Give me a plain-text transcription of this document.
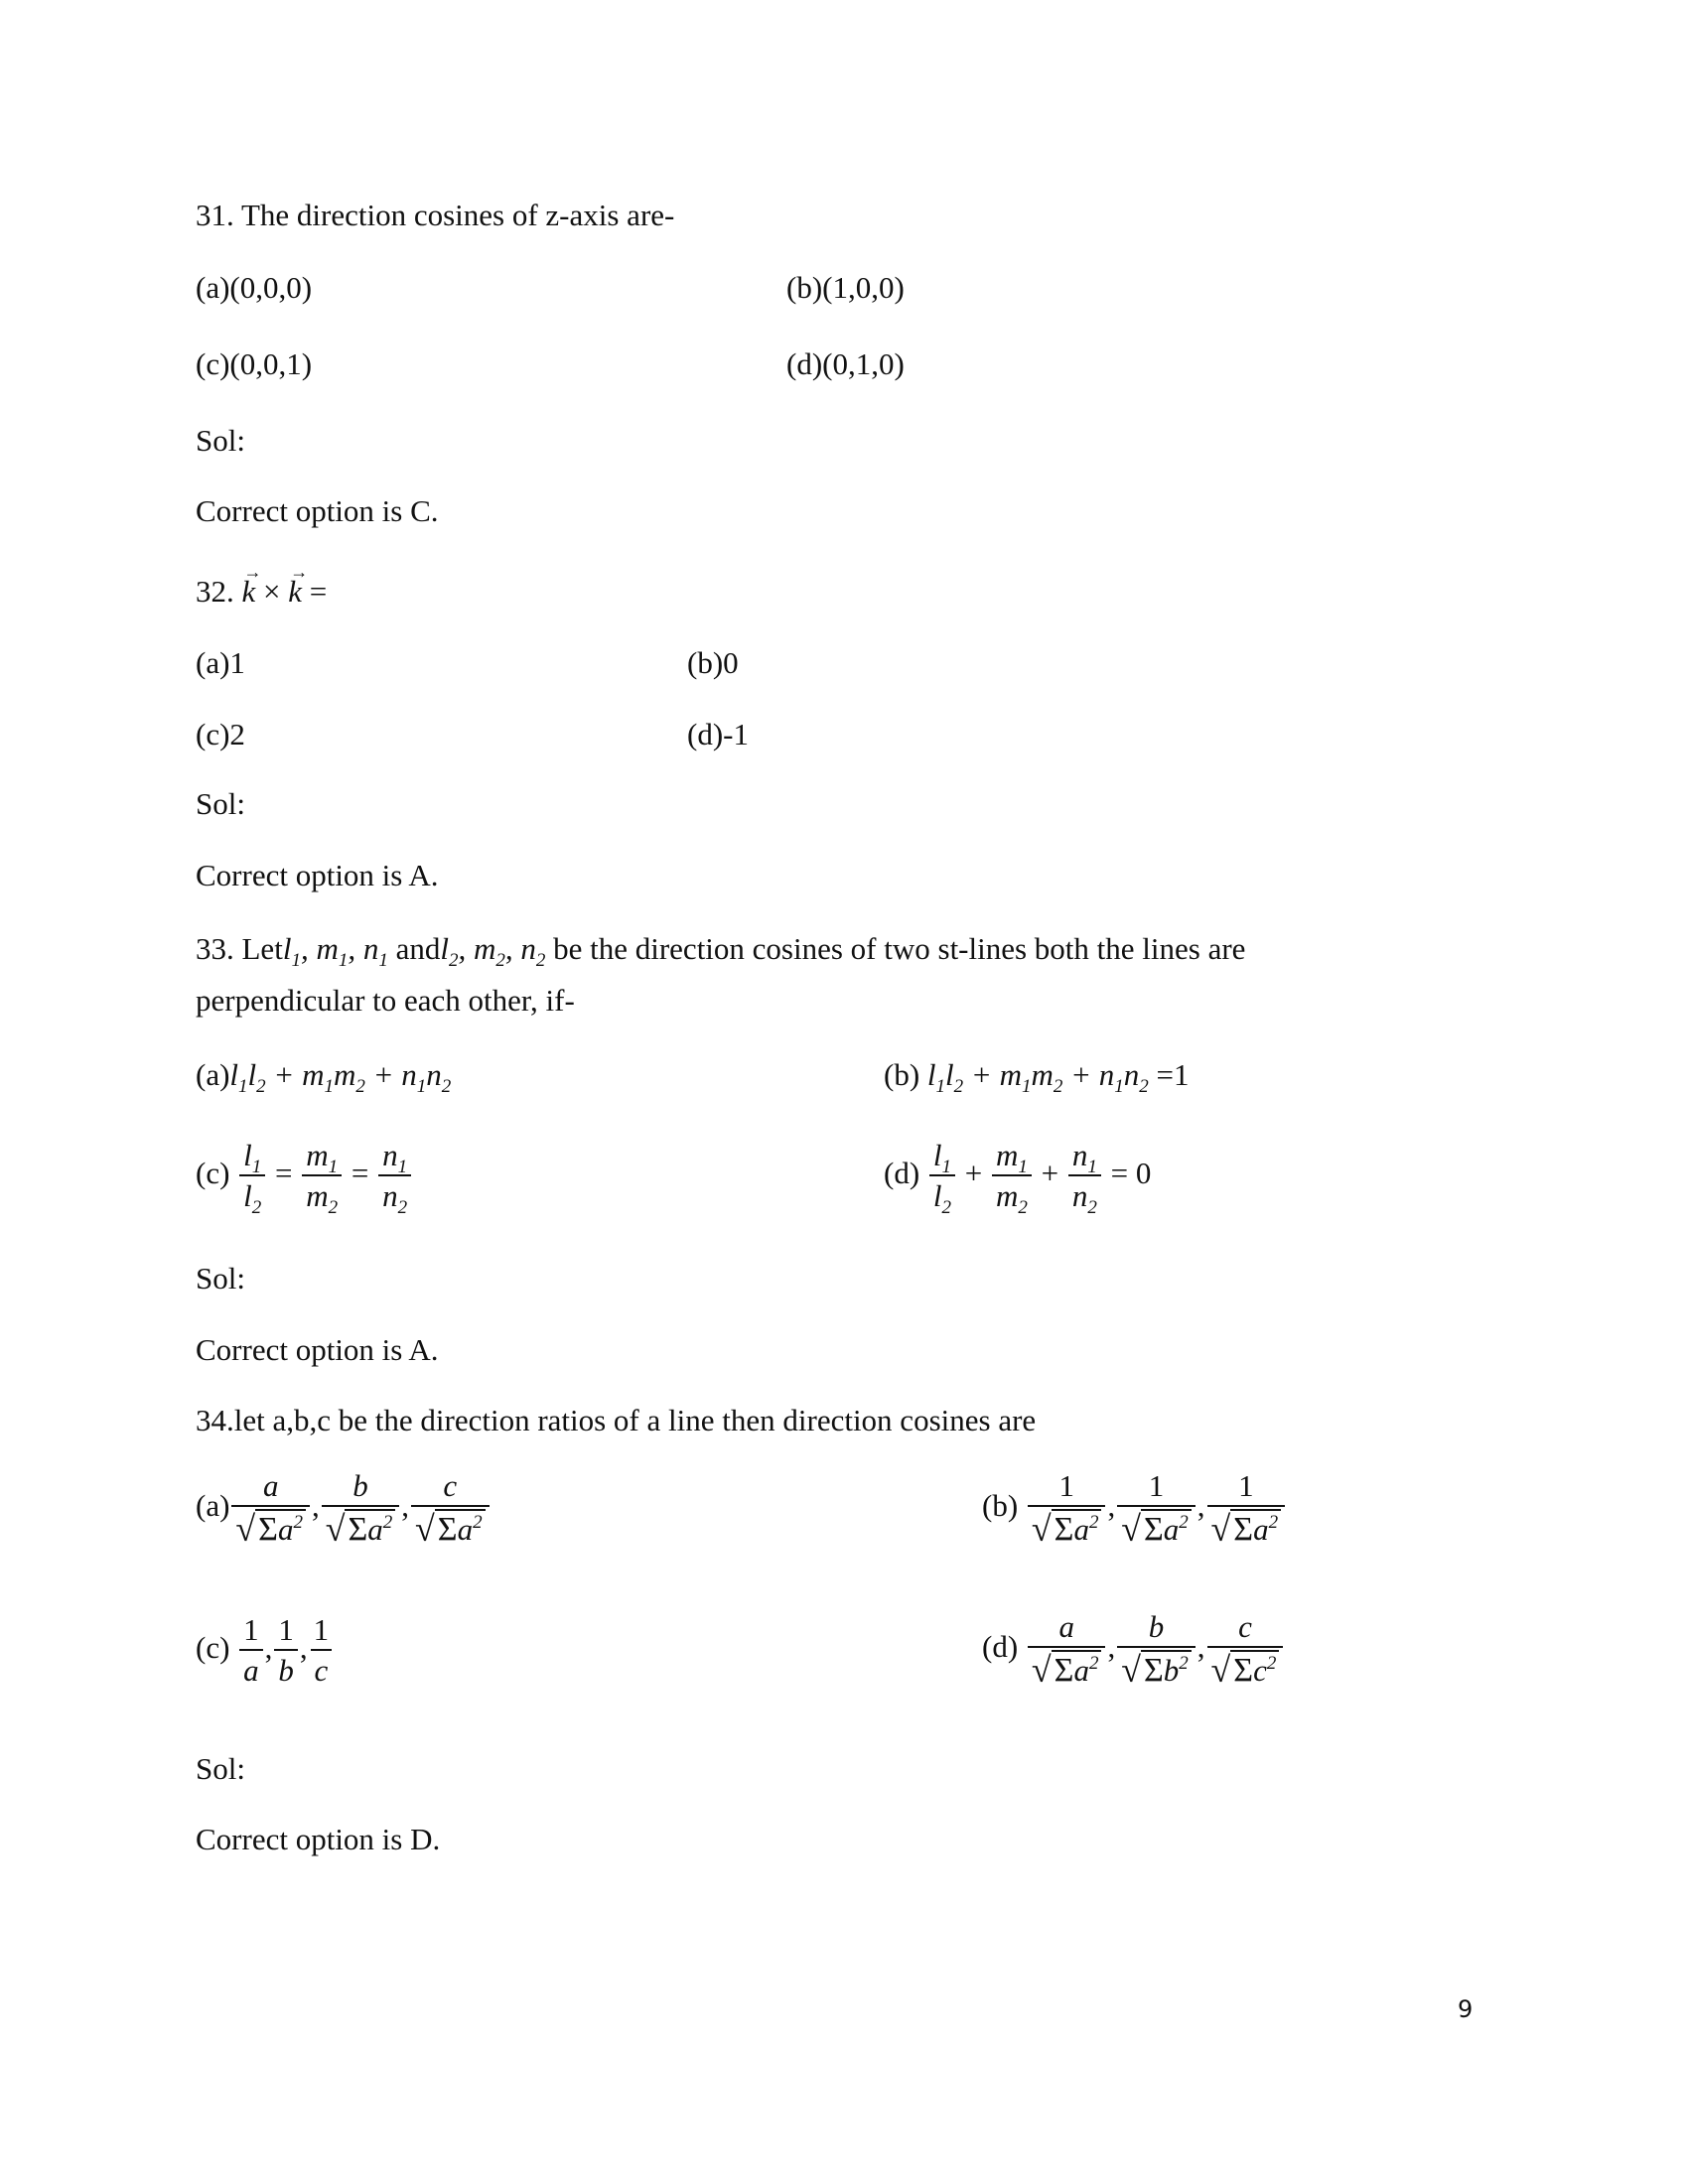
31. The direction cosines of z-axis are-
(a)(0,0,0)	(b)(1,0,0)
(c)(0,0,1)	(d)(0,1,0)
Sol:
Correct option is C.
32. → k × → k =
(a)1	(b)0
(c)2	(d)-1
Sol:
Correct option is A.
33. Letl$_1$, $m_1$, $n_1$ andl$_2$, $m_2$, $n_2$ be the direction cosines of two st-lines both the lines are
perpendicular to each other, if-
$(a)l_1l_2 + m_1m_2 + n_1n_2$	(b) $l_1l_2 + m_1m_2 + n_1n_2 =1$
$(c) \frac{l_1}{l_2} = \frac{m_1}{m_2} = \frac{n_1}{n_2}$	$(d) \frac{l_1}{l_2} + \frac{m_1}{m_2} + \frac{n_1}{n_2} = 0$
Sol:
Correct option is A.
34.let a,b,c be the direction ratios of a line then direction cosines are
$(a) \frac{a}{√ \Sigma a^2}$ , $\frac{b}{√ \Sigma a^2}$ , $\frac{c}{√ \Sigma a^2}$	$(b) \frac{1}{√ \Sigma a^2}$ , $\frac{1}{√ \Sigma a^2}$ , $\frac{1}{√ \Sigma a^2}$
$(c) \frac{1}{a}$ , $\frac{1}{b}$ , $\frac{1}{c}$	$(d) \frac{a}{√ \Sigma a^2}$ , $\frac{b}{√ \Sigma b^2}$ , $\frac{c}{√ \Sigma c^2}$
Sol:
Correct option is D.
9
